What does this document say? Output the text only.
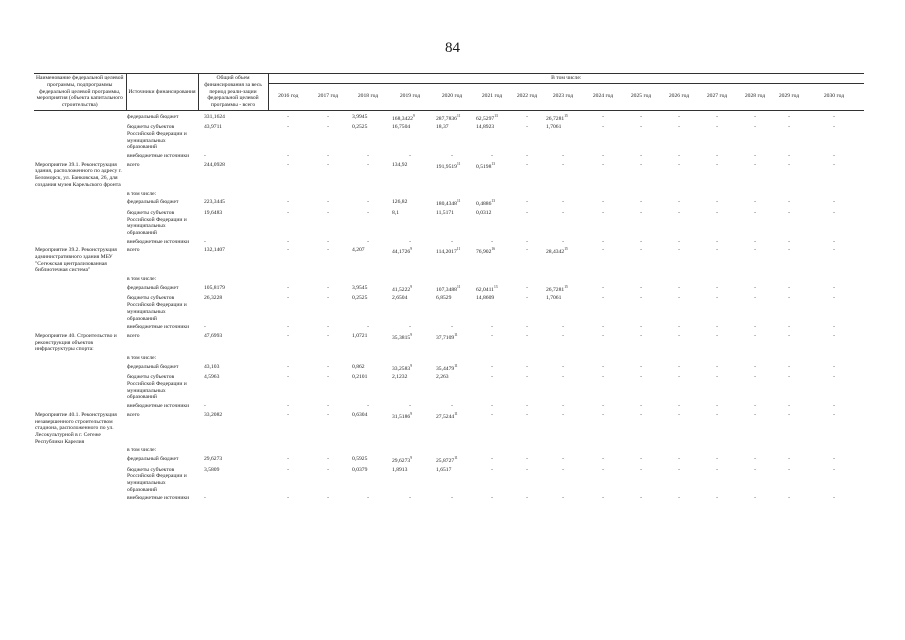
84
Наименование федеральной целевой программы, подпрограммы федеральной целевой программы, мероприятия (объекта капитального строительства)	Источники финансирования	Общий объем финансирования за весь период реали-зации федеральной целевой программы - всего	В том числе:														
			2016 год	2017 год	2018 год	2019 год	2020 год	2021 год	2022 год	2023 год	2024 год	2025 год	2026 год	2027 год	2028 год	2029 год	2030 год
	федеральный бюджет	331,1624	-	-	3,9945	168,3422$^9$	287,7836$^{11}$	62,5297$^{13}$	-	26,7281$^{15}$	-	-	-	-	-	-	-
	бюджеты субъектов Российской Федерации и муниципальных образований	43,9711	-	-	0,2525	16,7504	18,37	14,8923	-	1,7061	-	-	-	-	-	-	-
	внебюджетные источники	-	-	-	-	-	-	-	-	-	-	-	-	-	-	-	-
Мероприятие 39.1. Реконструкция здания, расположенного по адресу г. Беломорск, ул. Банковская, 26, для создания музея Карельского фронта	всего	244,0928	-	-	-	134,92	191,9519$^{11}$	0,5198$^{13}$	-	-	-	-	-	-	-	-	-
	в том числе:																
	федеральный бюджет	223,3445	-	-	-	126,82	180,4348$^{11}$	0,4886$^{13}$	-	-	-	-	-	-	-	-	-
	бюджеты субъектов Российской Федерации и муниципальных образований	19,6483	-	-	-	8,1	11,5171	0,0312	-	-	-	-	-	-	-	-	-
	внебюджетные источники	-	-	-	-	-	-	-	-	-	-	-	-	-	-	-	-
Мероприятие 39.2. Реконструкция административного здания МБУ "Сегежская централизованная библиотечная система"	всего	132,1407	-	-	4,207	44,1726$^9$	114,2017$^{11}$	76,902$^{16}$	-	28,4342$^{15}$	-	-	-	-	-	-	-
	в том числе:																
	федеральный бюджет	105,8179	-	-	3,9545	41,5222$^9$	107,3488$^{11}$	62,0411$^{13}$	-	26,7281$^{15}$	-	-	-	-	-	-	-
	бюджеты субъектов Российской Федерации и муниципальных образований	26,3228	-	-	0,2525	2,6504	6,8529	14,8609	-	1,7061	-	-	-	-	-	-	-
	внебюджетные источники	-	-	-	-	-	-	-	-	-	-	-	-	-	-	-	-
Мероприятие 40. Строительство и реконструкция объектов инфраструктуры спорта:	всего	47,6993	-	-	1,0721	35,3815$^9$	37,7109$^{11}$	-	-	-	-	-	-	-	-	-	-
	в том числе:																
	федеральный бюджет	43,103	-	-	0,862	33,2583$^9$	35,4479$^{11}$	-	-	-	-	-	-	-	-	-	-
	бюджеты субъектов Российской Федерации и муниципальных образований	4,5963	-	-	0,2101	2,1232	2,263	-	-	-	-	-	-	-	-	-	-
	внебюджетные источники	-	-	-	-	-	-	-	-	-	-	-	-	-	-	-	-
Мероприятие 40.1. Реконструкция незавершенного строительством стадиона, расположенного по ул. Лесокультурной в г. Сегеже Республики Карелия	всего	33,2082	-	-	0,6304	31,5186$^9$	27,5244$^{11}$	-	-	-	-	-	-	-	-	-	-
	в том числе:																
	федеральный бюджет	29,6273	-	-	0,5925	29,6273$^9$	25,8727$^{11}$	-	-	-	-	-	-	-	-	-	-
	бюджеты субъектов Российской Федерации и муниципальных образований	3,5809	-	-	0,0379	1,8913	1,6517	-	-	-	-	-	-	-	-	-	-
	внебюджетные источники	-	-	-	-	-	-	-	-	-	-	-	-	-	-	-	-
